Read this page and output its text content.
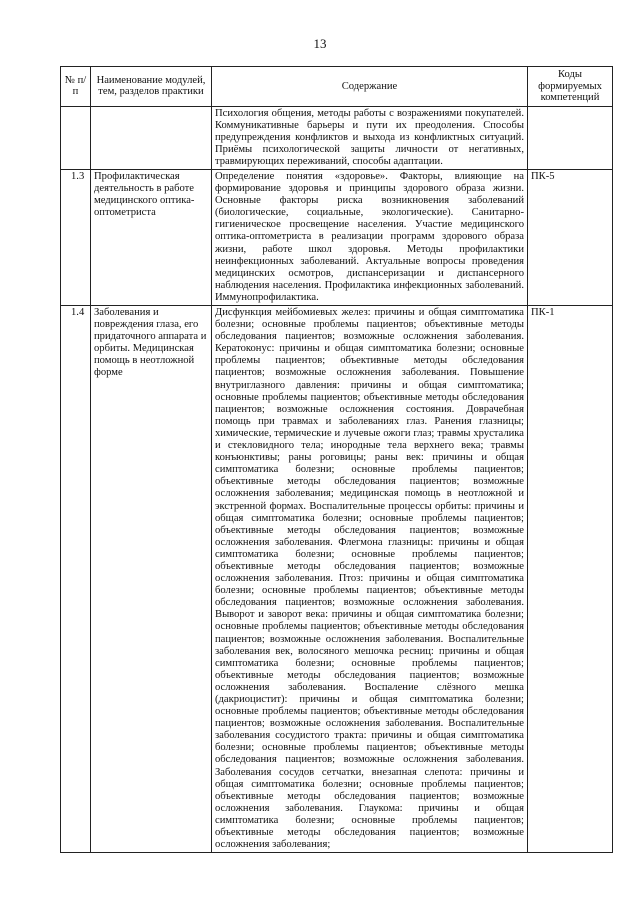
13
№ п/п	Наименование модулей, тем, разделов практики	Содержание	Коды формируемых компетенций
		Психология общения, методы работы с возражениями покупателей. Коммуникативные барьеры и пути их преодоления. Способы предупреждения конфликтов и выхода из конфликтных ситуаций. Приёмы психологической защиты личности от негативных, травмирующих переживаний, способы адаптации.	
1.3	Профилактическая деятельность в работе медицинского оптика-оптометриста	Определение понятия «здоровье». Факторы, влияющие на формирование здоровья и принципы здорового образа жизни. Основные факторы риска возникновения заболеваний (биологические, социальные, экологические). Санитарно-гигиеническое просвещение населения. Участие медицинского оптика-оптометриста в реализации программ здорового образа жизни, работе школ здоровья. Методы профилактики неинфекционных заболеваний. Актуальные вопросы проведения медицинских осмотров, диспансеризации и диспансерного наблюдения населения. Профилактика инфекционных заболеваний. Иммунопрофилактика.	ПК-5
1.4	Заболевания и повреждения глаза, его придаточного аппарата и орбиты. Медицинская помощь в неотложной форме	Дисфункция мейбомиевых желез: причины и общая симптоматика болезни; основные проблемы пациентов; объективные методы обследования пациентов; возможные осложнения заболевания. Кератоконус: причины и общая симптоматика болезни; основные проблемы пациентов; объективные методы обследования пациентов; возможные осложнения заболевания. Повышение внутриглазного давления: причины и общая симптоматика; основные проблемы пациентов; объективные методы обследования пациентов; возможные осложнения состояния. Доврачебная помощь при травмах и заболеваниях глаз. Ранения глазницы; химические, термические и лучевые ожоги глаз; травмы хрусталика и стекловидного тела; инородные тела верхнего века; травмы конъюнктивы; раны роговицы; раны век: причины и общая симптоматика болезни; основные проблемы пациентов; объективные методы обследования пациентов; возможные осложнения заболевания; медицинская помощь в неотложной и экстренной формах. Воспалительные процессы орбиты: причины и общая симптоматика болезни; основные проблемы пациентов; объективные методы обследования пациентов; возможные осложнения заболевания. Флегмона глазницы: причины и общая симптоматика болезни; основные проблемы пациентов; объективные методы обследования пациентов; возможные осложнения заболевания. Птоз: причины и общая симптоматика болезни; основные проблемы пациентов; объективные методы обследования пациентов; возможные осложнения заболевания. Выворот и заворот века: причины и общая симптоматика болезни; основные проблемы пациентов; объективные методы обследования пациентов; возможные осложнения заболевания. Воспалительные заболевания век, волосяного мешочка ресниц: причины и общая симптоматика болезни; основные проблемы пациентов; объективные методы обследования пациентов; возможные осложнения заболевания. Воспаление слёзного мешка (дакриоцистит): причины и общая симптоматика болезни; основные проблемы пациентов; объективные методы обследования пациентов; возможные осложнения заболевания. Воспалительные заболевания сосудистого тракта: причины и общая симптоматика болезни; основные проблемы пациентов; объективные методы обследования пациентов; возможные осложнения заболевания. Заболевания сосудов сетчатки, внезапная слепота: причины и общая симптоматика болезни; основные проблемы пациентов; объективные методы обследования пациентов; возможные осложнения заболевания. Глаукома: причины и общая симптоматика болезни; основные проблемы пациентов; объективные методы обследования пациентов; возможные осложнения заболевания;	ПК-1
